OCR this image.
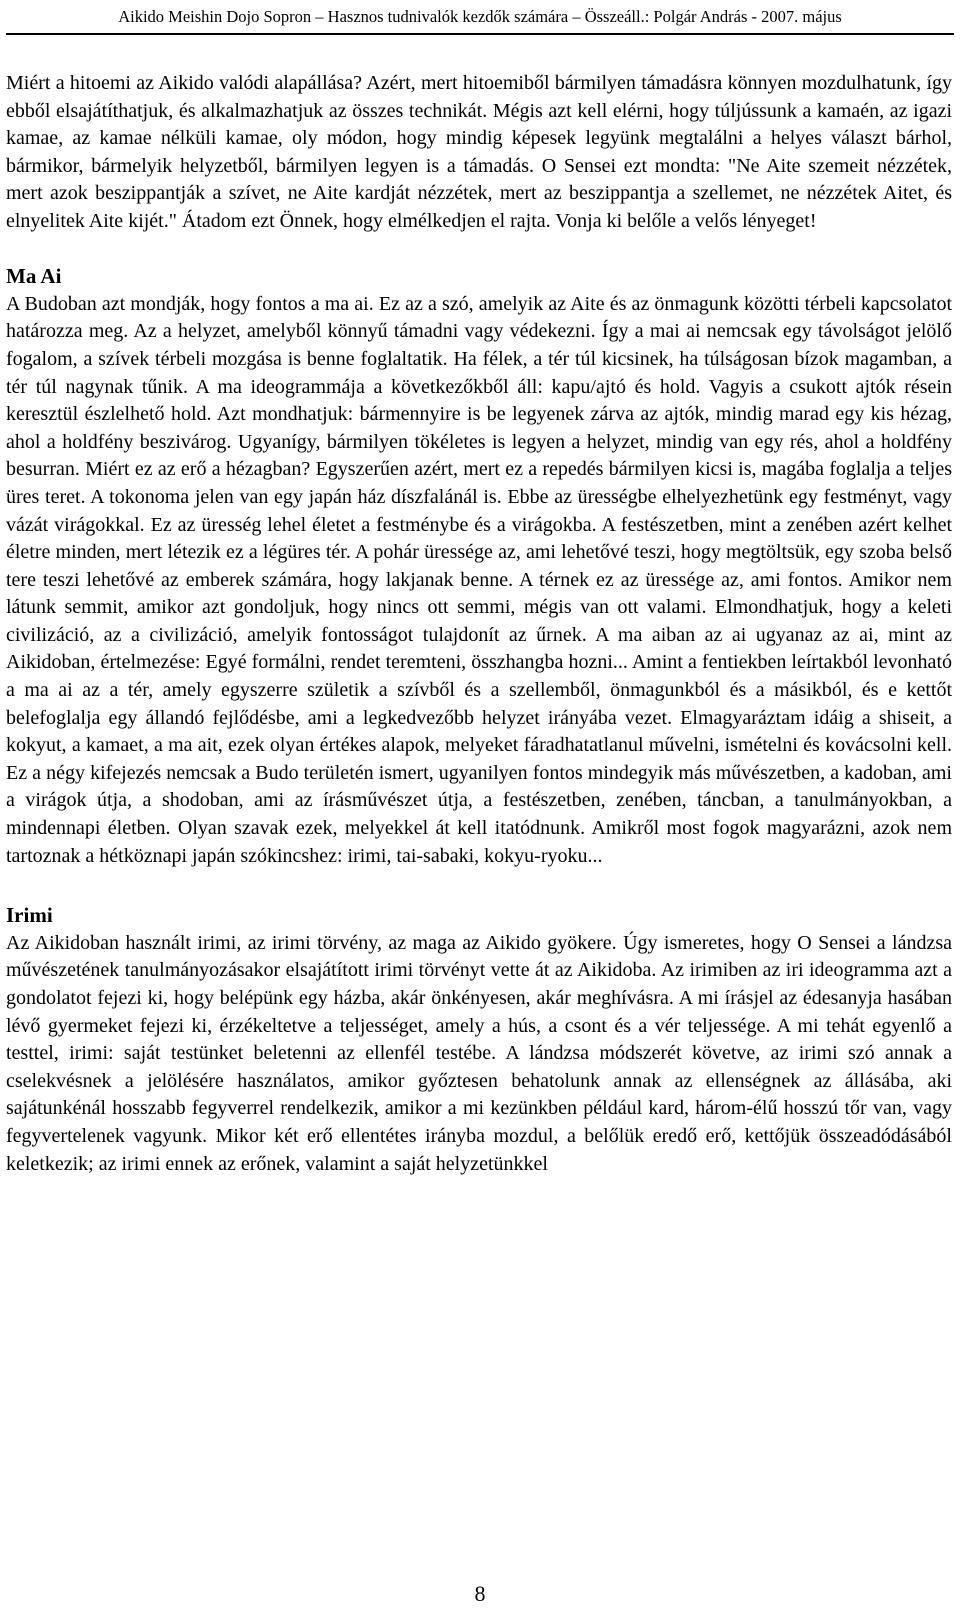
Aikido Meishin Dojo Sopron – Hasznos tudnivalók kezdők számára – Összeáll.: Polgár András - 2007. május

Miért a hitoemi az Aikido valódi alapállása? Azért, mert hitoemiből bármilyen támadásra könnyen mozdulhatunk, így ebből elsajátíthatjuk, és alkalmazhatjuk az összes technikát. Mégis azt kell elérni, hogy túljússunk a kamaén, az igazi kamae, az kamae nélküli kamae, oly módon, hogy mindig képesek legyünk megtalálni a helyes választ bárhol, bármikor, bármelyik helyzetből, bármilyen legyen is a támadás. O Sensei ezt mondta: "Ne Aite szemeit nézzétek, mert azok beszippantják a szívet, ne Aite kardját nézzétek, mert az beszippantja a szellemet, ne nézzétek Aitet, és elnyelitek Aite kijét." Átadom ezt Önnek, hogy elmélkedjen el rajta. Vonja ki belőle a velős lényeget!

Ma Ai

A Budoban azt mondják, hogy fontos a ma ai. Ez az a szó, amelyik az Aite és az önmagunk közötti térbeli kapcsolatot határozza meg. Az a helyzet, amelyből könnyű támadni vagy védekezni. Így a mai ai nemcsak egy távolságot jelölő fogalom, a szívek térbeli mozgása is benne foglaltatik. Ha félek, a tér túl kicsinek, ha túlságosan bízok magamban, a tér túl nagynak tűnik. A ma ideogrammája a következőkből áll: kapu/ajtó és hold. Vagyis a csukott ajtók résein keresztül észlelhető hold. Azt mondhatjuk: bármennyire is be legyenek zárva az ajtók, mindig marad egy kis hézag, ahol a holdfény beszivárog. Ugyanígy, bármilyen tökéletes is legyen a helyzet, mindig van egy rés, ahol a holdfény besurran. Miért ez az erő a hézagban? Egyszerűen azért, mert ez a repedés bármilyen kicsi is, magába foglalja a teljes üres teret. A tokonoma jelen van egy japán ház díszfalánál is. Ebbe az ürességbe elhelyezhetünk egy festményt, vagy vázát virágokkal. Ez az üresség lehel életet a festménybe és a virágokba. A festészetben, mint a zenében azért kelhet életre minden, mert létezik ez a légüres tér. A pohár üressége az, ami lehetővé teszi, hogy megtöltsük, egy szoba belső tere teszi lehetővé az emberek számára, hogy lakjanak benne. A térnek ez az üressége az, ami fontos. Amikor nem látunk semmit, amikor azt gondoljuk, hogy nincs ott semmi, mégis van ott valami. Elmondhatjuk, hogy a keleti civilizáció, az a civilizáció, amelyik fontosságot tulajdonít az űrnek. A ma aiban az ai ugyanaz az ai, mint az Aikidoban, értelmezése: Egyé formálni, rendet teremteni, összhangba hozni... Amint a fentiekben leírtakból levonható a ma ai az a tér, amely egyszerre születik a szívből és a szellemből, önmagunkból és a másikból, és e kettőt belefoglalja egy állandó fejlődésbe, ami a legkedvezőbb helyzet irányába vezet. Elmagyaráztam idáig a shiseit, a kokyut, a kamaet, a ma ait, ezek olyan értékes alapok, melyeket fáradhatatlanul művelni, ismételni és kovácsolni kell. Ez a négy kifejezés nemcsak a Budo területén ismert, ugyanilyen fontos mindegyik más művészetben, a kadoban, ami a virágok útja, a shodoban, ami az írásművészet útja, a festészetben, zenében, táncban, a tanulmányokban, a mindennapi életben. Olyan szavak ezek, melyekkel át kell itatódnunk. Amikről most fogok magyarázni, azok nem tartoznak a hétköznapi japán szókincshez: irimi, tai-sabaki, kokyu-ryoku...

Irimi

Az Aikidoban használt irimi, az irimi törvény, az maga az Aikido gyökere. Úgy ismeretes, hogy O Sensei a lándzsa művészetének tanulmányozásakor elsajátított irimi törvényt vette át az Aikidoba. Az irimiben az iri ideogramma azt a gondolatot fejezi ki, hogy belépünk egy házba, akár önkényesen, akár meghívásra. A mi írásjel az édesanyja hasában lévő gyermeket fejezi ki, érzékeltetve a teljességet, amely a hús, a csont és a vér teljessége. A mi tehát egyenlő a testtel, irimi: saját testünket beletenni az ellenfél testébe. A lándzsa módszerét követve, az irimi szó annak a cselekvésnek a jelölésére használatos, amikor győztesen behatolunk annak az ellenségnek az állásába, aki sajátunkénál hosszabb fegyverrel rendelkezik, amikor a mi kezünkben például kard, három-élű hosszú tőr van, vagy fegyvertelenek vagyunk. Mikor két erő ellentétes irányba mozdul, a belőlük eredő erő, kettőjük összeadódásából keletkezik; az irimi ennek az erőnek, valamint a saját helyzetünkkel

8
